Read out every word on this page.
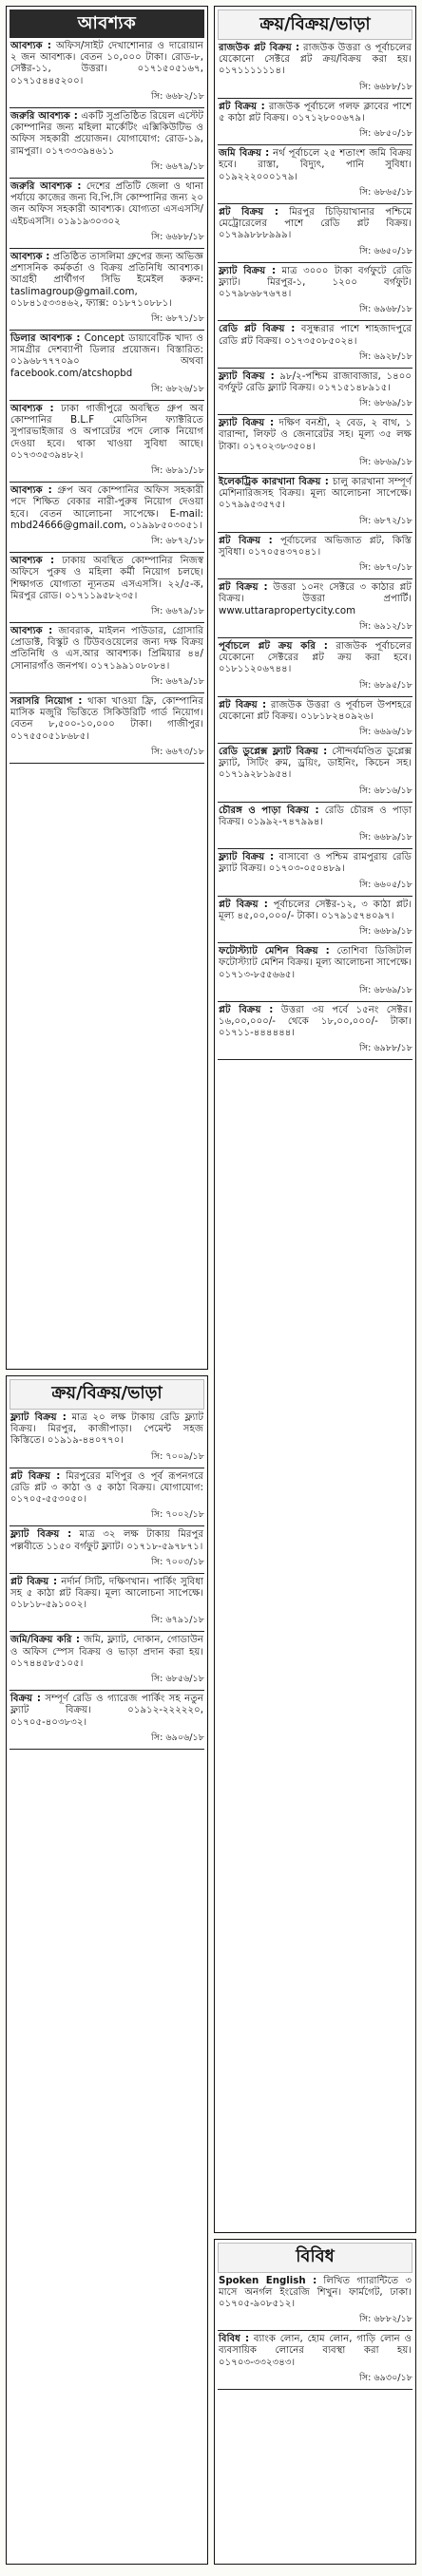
আবশ্যক
আবশ্যক : অফিস/সাইট দেখাশোনার ও দারোয়ান ২ জন আবশ্যক। বেতন ১০,০০০ টাকা। রোড-৮, সেক্টর-১১, উত্তরা। ০১৭১৫০৫১৬৭, ০১৭১৫৪৪৫২০০।
সি: ৬৬৮২/১৮
জরুরি আবশ্যক : একটি সুপ্রতিষ্ঠিত রিয়েল এস্টেট কোম্পানির জন্য মহিলা মার্কেটিং এক্সিকিউটিভ ও অফিস সহকারী প্রয়োজন। যোগাযোগ: রোড-১৯, রামপুরা। ০১৭৩৩৩৯৪৬১১
সি: ৬৬৭৯/১৮
জরুরি আবশ্যক : দেশের প্রতিটি জেলা ও থানা পর্যায়ে কাজের জন্য বি.পি.সি কোম্পানির জন্য ২০ জন অফিস সহকারী আবশ্যক। যোগ্যতা এসএসসি/এইচএসসি। ০১৯১৯৩০৩০২
সি: ৬৬৮৮/১৮
আবশ্যক : প্রতিষ্ঠিত তাসলিমা গ্রুপের জন্য অভিজ্ঞ প্রশাসনিক কর্মকর্তা ও বিক্রয় প্রতিনিধি আবশ্যক। আগ্রহী প্রার্থীগণ সিভি ইমেইল করুন: taslimagroup@gmail.com, ০১৮৪১৫৩৩৪৬২, ফ্যাক্স: ০১৮৭১০৮৮১।
সি: ৬৮৭১/১৮
ডিলার আবশ্যক : Concept ডায়াবেটিক খাদ্য ও সামগ্রীর দেশব্যাপী ডিলার প্রয়োজন। বিস্তারিত: ০১৯৬৮৭৭৭০৯০ অথবা facebook.com/atcshopbd
সি: ৬৮২৬/১৮
আবশ্যক : ঢাকা গাজীপুরে অবস্থিত গ্রুপ অব কোম্পানির B.L.F মেডিসিন ফ্যাক্টরিতে সুপারভাইজার ও অপারেটর পদে লোক নিয়োগ দেওয়া হবে। থাকা খাওয়া সুবিধা আছে। ০১৭৩৩৫৩৯৪৮২।
সি: ৬৮৯১/১৮
আবশ্যক : গ্রুপ অব কোম্পানির অফিস সহকারী পদে শিক্ষিত বেকার নারী-পুরুষ নিয়োগ দেওয়া হবে। বেতন আলোচনা সাপেক্ষে। E-mail: mbd24666@gmail.com, ০১৯৯৮৫০৩০৫১।
সি: ৬৮৭২/১৮
আবশ্যক : ঢাকায় অবস্থিত কোম্পানির নিজস্ব অফিসে পুরুষ ও মহিলা কর্মী নিয়োগ চলছে। শিক্ষাগত যোগ্যতা ন্যূনতম এসএসসি। ২২/৫-ক, মিরপুর রোড। ০১৭১১৯৫৮২৩৫।
সি: ৬৬৭৯/১৮
আবশ্যক : জাবরাক, মাইলন পাউডার, গ্রোসারি প্রোডাক্ট, বিস্কুট ও টিউবওয়েলের জন্য দক্ষ বিক্রয় প্রতিনিধি ও এস.আর আবশ্যক। প্রিমিয়ার ৪৪/সোনারগাঁও জনপথ। ০১৭১৯৯১০৮০৮৪।
সি: ৬৬৭৯/১৮
সরাসরি নিয়োগ : থাকা খাওয়া ফ্রি, কোম্পানির মাসিক মজুরি ভিত্তিতে সিকিউরিটি গার্ড নিয়োগ। বেতন ৮,৫০০-১০,০০০ টাকা। গাজীপুর। ০১৭৫৫০৫১৮৬৮৫।
সি: ৬৬৭৩/১৮
ক্রয়/বিক্রয়/ভাড়া
ফ্ল্যাট বিক্রয় : মাত্র ২০ লক্ষ টাকায় রেডি ফ্ল্যাট বিক্রয়। মিরপুর, কাজীপাড়া। পেমেন্ট সহজ কিস্তিতে। ০১৯১৯-৪৪০৭৭০।
সি: ৭০০৯/১৮
প্লট বিক্রয় : মিরপুরের মণিপুর ও পূর্ব রূপনগরে রেডি প্লট ৩ কাঠা ও ৫ কাঠা বিক্রয়। যোগাযোগ: ০১৭০৫-৫৫৩০৫০।
সি: ৭০০২/১৮
ফ্ল্যাট বিক্রয় : মাত্র ৩২ লক্ষ টাকায় মিরপুর পল্লবীতে ১১৫০ বর্গফুট ফ্ল্যাট। ০১৭১৮-৫৯৭৮৭১।
সি: ৭০০৩/১৮
প্লট বিক্রয় : নর্দার্ন সিটি, দক্ষিণখান। পার্কিং সুবিধা সহ ৫ কাঠা প্লট বিক্রয়। মূল্য আলোচনা সাপেক্ষে। ০১৮১৮-৫৯১০০২।
সি: ৬৭৯১/১৮
জমি/বিক্রয় করি : জমি, ফ্ল্যাট, দোকান, গোডাউন ও অফিস স্পেস বিক্রয় ও ভাড়া প্রদান করা হয়। ০১৭৪৪৫৮৫১০৫।
সি: ৬৮৫৬/১৮
বিক্রয় : সম্পূর্ণ রেডি ও গ্যারেজ পার্কিং সহ নতুন ফ্ল্যাট বিক্রয়। ০১৯১২-২২২২২০, ০১৭০৫-৪০৩৮৩২।
সি: ৬৯০৬/১৮
ক্রয়/বিক্রয়/ভাড়া
রাজউক প্লট বিক্রয় : রাজউক উত্তরা ও পূর্বাচলের যেকোনো সেক্টরে প্লট ক্রয়/বিক্রয় করা হয়। ০১৭১১১১১১৪।
সি: ৬৬৮৮/১৮
প্লট বিক্রয় : রাজউক পূর্বাচলে গলফ ক্লাবের পাশে ৫ কাঠা প্লট বিক্রয়। ০১৭১২৮০০৬৭৯।
সি: ৬৮৫০/১৮
জমি বিক্রয় : নর্থ পূর্বাচলে ২৫ শতাংশ জমি বিক্রয় হবে। রাস্তা, বিদ্যুৎ, পানি সুবিধা। ০১৯২২২০০০১৭৯।
সি: ৬৮৬৫/১৮
প্লট বিক্রয় : মিরপুর চিড়িয়াখানার পশ্চিমে মেট্রোরেলের পাশে রেডি প্লট বিক্রয়। ০১৭৯৯৮৮৮৯৯৯।
সি: ৬৬৫০/১৮
ফ্ল্যাট বিক্রয় : মাত্র ৩০০০ টাকা বর্গফুটে রেডি ফ্ল্যাট। মিরপুর-১, ১২০০ বর্গফুট। ০১৭৯৮৬৮৭৬৭৪।
সি: ৬৯৬৮/১৮
রেডি প্লট বিক্রয় : বসুন্ধরার পাশে শাহজাদপুরে রেডি প্লট বিক্রয়। ০১৭৩৫০৮৫০২৪।
সি: ৬৯২৮/১৮
ফ্ল্যাট বিক্রয় : ৯৮/২-পশ্চিম রাজাবাজার, ১৪০০ বর্গফুট রেডি ফ্ল্যাট বিক্রয়। ০১৭১৫১৪৮৯১৫।
সি: ৬৮৬৯/১৮
ফ্ল্যাট বিক্রয় : দক্ষিণ বনশ্রী, ২ বেড, ২ বাথ, ১ বারান্দা, লিফট ও জেনারেটর সহ। মূল্য ৩৫ লক্ষ টাকা। ০১৭০২৩৮৩৫০৪।
সি: ৬৮৬৯/১৮
ইলেকট্রিক কারখানা বিক্রয় : চালু কারখানা সম্পূর্ণ মেশিনারিজসহ বিক্রয়। মূল্য আলোচনা সাপেক্ষে। ০১৭৯৯৫৩৫৭৫।
সি: ৬৮৭২/১৮
প্লট বিক্রয় : পূর্বাচলের অভিজাত প্লট, কিস্তি সুবিধা। ০১৭০৫৪৩৭০৪১।
সি: ৬৮৭০/১৮
প্লট বিক্রয় : উত্তরা ১০নং সেক্টরে ৩ কাঠার প্লট বিক্রয়। উত্তরা প্রপার্টি। www.uttarapropertycity.com
সি: ৬৯১২/১৮
পূর্বাচলে প্লট ক্রয় করি : রাজউক পূর্বাচলের যেকোনো সেক্টরের প্লট ক্রয় করা হবে। ০১৮১১২০৬৭৪৪।
সি: ৬৮৯৫/১৮
প্লট বিক্রয় : রাজউক উত্তরা ও পূর্বাচল উপশহরে যেকোনো প্লট বিক্রয়। ০১৮১৮২৪০৯২৬।
সি: ৬৬৯৬/১৮
রেডি ডুপ্লেক্স ফ্ল্যাট বিক্রয় : সৌন্দর্যমণ্ডিত ডুপ্লেক্স ফ্ল্যাট, সিটিং রুম, ড্রয়িং, ডাইনিং, কিচেন সহ। ০১৭১৯২৮১৯৫৪।
সি: ৬৮১৬/১৮
চৌরঙ্গ ও পাড়া বিক্রয় : রেডি চৌরঙ্গ ও পাড়া বিক্রয়। ০১৯৯২-৭৪৭৯৯৪।
সি: ৬৬৮৯/১৮
ফ্ল্যাট বিক্রয় : বাসাবো ও পশ্চিম রামপুরায় রেডি ফ্ল্যাট বিক্রয়। ০১৭০৩-০৫০৪৮৯।
সি: ৬৬০৫/১৮
প্লট বিক্রয় : পূর্বাচলের সেক্টর-১২, ৩ কাঠা প্লট। মূল্য ৪৫,০০,০০০/- টাকা। ০১৭৯১৫৭৪০৯৭।
সি: ৬৬৮৯/১৮
ফটোস্ট্যাট মেশিন বিক্রয় : তোশিবা ডিজিটাল ফটোস্ট্যাট মেশিন বিক্রয়। মূল্য আলোচনা সাপেক্ষে। ০১৭১৩-৮৫৫৬৬৫।
সি: ৬৮৬৯/১৮
প্লট বিক্রয় : উত্তরা ৩য় পর্বে ১৫নং সেক্টর। ১৬,০০,০০০/- থেকে ১৮,০০,০০০/- টাকা। ০১৭১১-৪৪৪৪৪৪।
সি: ৬৯৮৮/১৮
বিবিধ
Spoken English : লিখিত গ্যারান্টিতে ৩ মাসে অনর্গল ইংরেজি শিখুন। ফার্মগেট, ঢাকা। ০১৭০৫-৯০৮৫১২।
সি: ৬৮৮২/১৮
বিবিধ : ব্যাংক লোন, হোম লোন, গাড়ি লোন ও ব্যবসায়িক লোনের ব্যবস্থা করা হয়। ০১৭০৩-৩৩২৩৪৩।
সি: ৬৯৩০/১৮
